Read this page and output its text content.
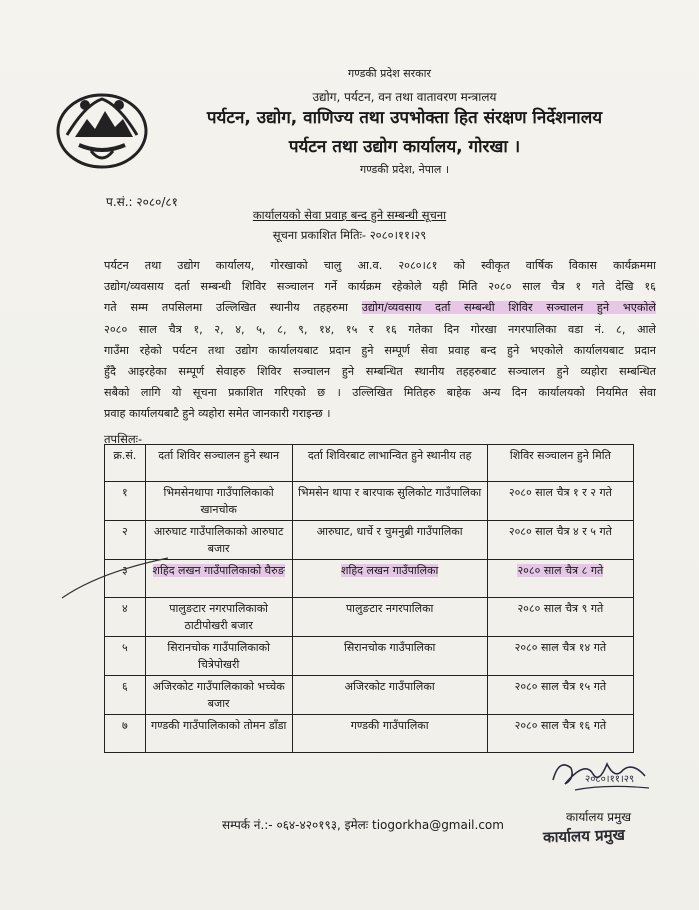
गण्डकी प्रदेश सरकार
उद्योग, पर्यटन, वन तथा वातावरण मन्त्रालय
पर्यटन, उद्योग, वाणिज्य तथा उपभोक्ता हित संरक्षण निर्देशनालय
पर्यटन तथा उद्योग कार्यालय, गोरखा ।
गण्डकी प्रदेश, नेपाल ।
प.सं.: २०८०/८१
कार्यालयको सेवा प्रवाह बन्द हुने सम्बन्धी सूचना
सूचना प्रकाशित मितिः- २०८०।११।२९
पर्यटन तथा उद्योग कार्यालय, गोरखाको चालु आ.व. २०८०।८१ को स्वीकृत वार्षिक विकास कार्यक्रममा
उद्योग/व्यवसाय दर्ता सम्बन्धी शिविर सञ्चालन गर्ने कार्यक्रम रहेकोले यही मिति २०८० साल चैत्र १ गते देखि १६
गते सम्म तपसिलमा उल्लिखित स्थानीय तहहरुमा उद्योग/व्यवसाय दर्ता सम्बन्धी शिविर सञ्चालन हुने भएकोले
२०८० साल चैत्र १, २, ४, ५, ८, ९, १४, १५ र १६ गतेका दिन गोरखा नगरपालिका वडा नं. ८, आले
गाउँमा रहेको पर्यटन तथा उद्योग कार्यालयबाट प्रदान हुने सम्पूर्ण सेवा प्रवाह बन्द हुने भएकोले कार्यालयबाट प्रदान
हुँदै आइरहेका सम्पूर्ण सेवाहरु शिविर सञ्चालन हुने सम्बन्धित स्थानीय तहहरुबाट सञ्चालन हुने व्यहोरा सम्बन्धित
सबैको लागि यो सूचना प्रकाशित गरिएको छ । उल्लिखित मितिहरु बाहेक अन्य दिन कार्यालयको नियमित सेवा
प्रवाह कार्यालयबाटै हुने व्यहोरा समेत जानकारी गराइन्छ ।
तपसिलः-
क्र.सं.	दर्ता शिविर सञ्चालन हुने स्थान	दर्ता शिविरबाट लाभान्वित हुने स्थानीय तह	शिविर सञ्चालन हुने मिति
१	भिमसेनथापा गाउँपालिकाको खानचोक	भिमसेन थापा र बारपाक सुलिकोट गाउँपालिका	२०८० साल चैत्र १ र २ गते
२	आरुघाट गाउँपालिकाको आरुघाट बजार	आरुघाट, धार्चे र चुमनुब्री गाउँपालिका	२०८० साल चैत्र ४ र ५ गते
३	शहिद लखन गाउँपालिकाको घैरुङ	शहिद लखन गाउँपालिका	२०८० साल चैत्र ८ गते
४	पालुङटार नगरपालिकाको ठाटीपोखरी बजार	पालुङटार नगरपालिका	२०८० साल चैत्र ९ गते
५	सिरानचोक गाउँपालिकाको चित्रेपोखरी	सिरानचोक गाउँपालिका	२०८० साल चैत्र १४ गते
६	अजिरकोट गाउँपालिकाको भच्चेक बजार	अजिरकोट गाउँपालिका	२०८० साल चैत्र १५ गते
७	गण्डकी गाउँपालिकाको तोमन डाँडा	गण्डकी गाउँपालिका	२०८० साल चैत्र १६ गते
२०८०।११।२९
सम्पर्क नं.:- ०६४-४२०१९३, इमेलः tiogorkha@gmail.com
कार्यालय प्रमुख
कार्यालय प्रमुख
